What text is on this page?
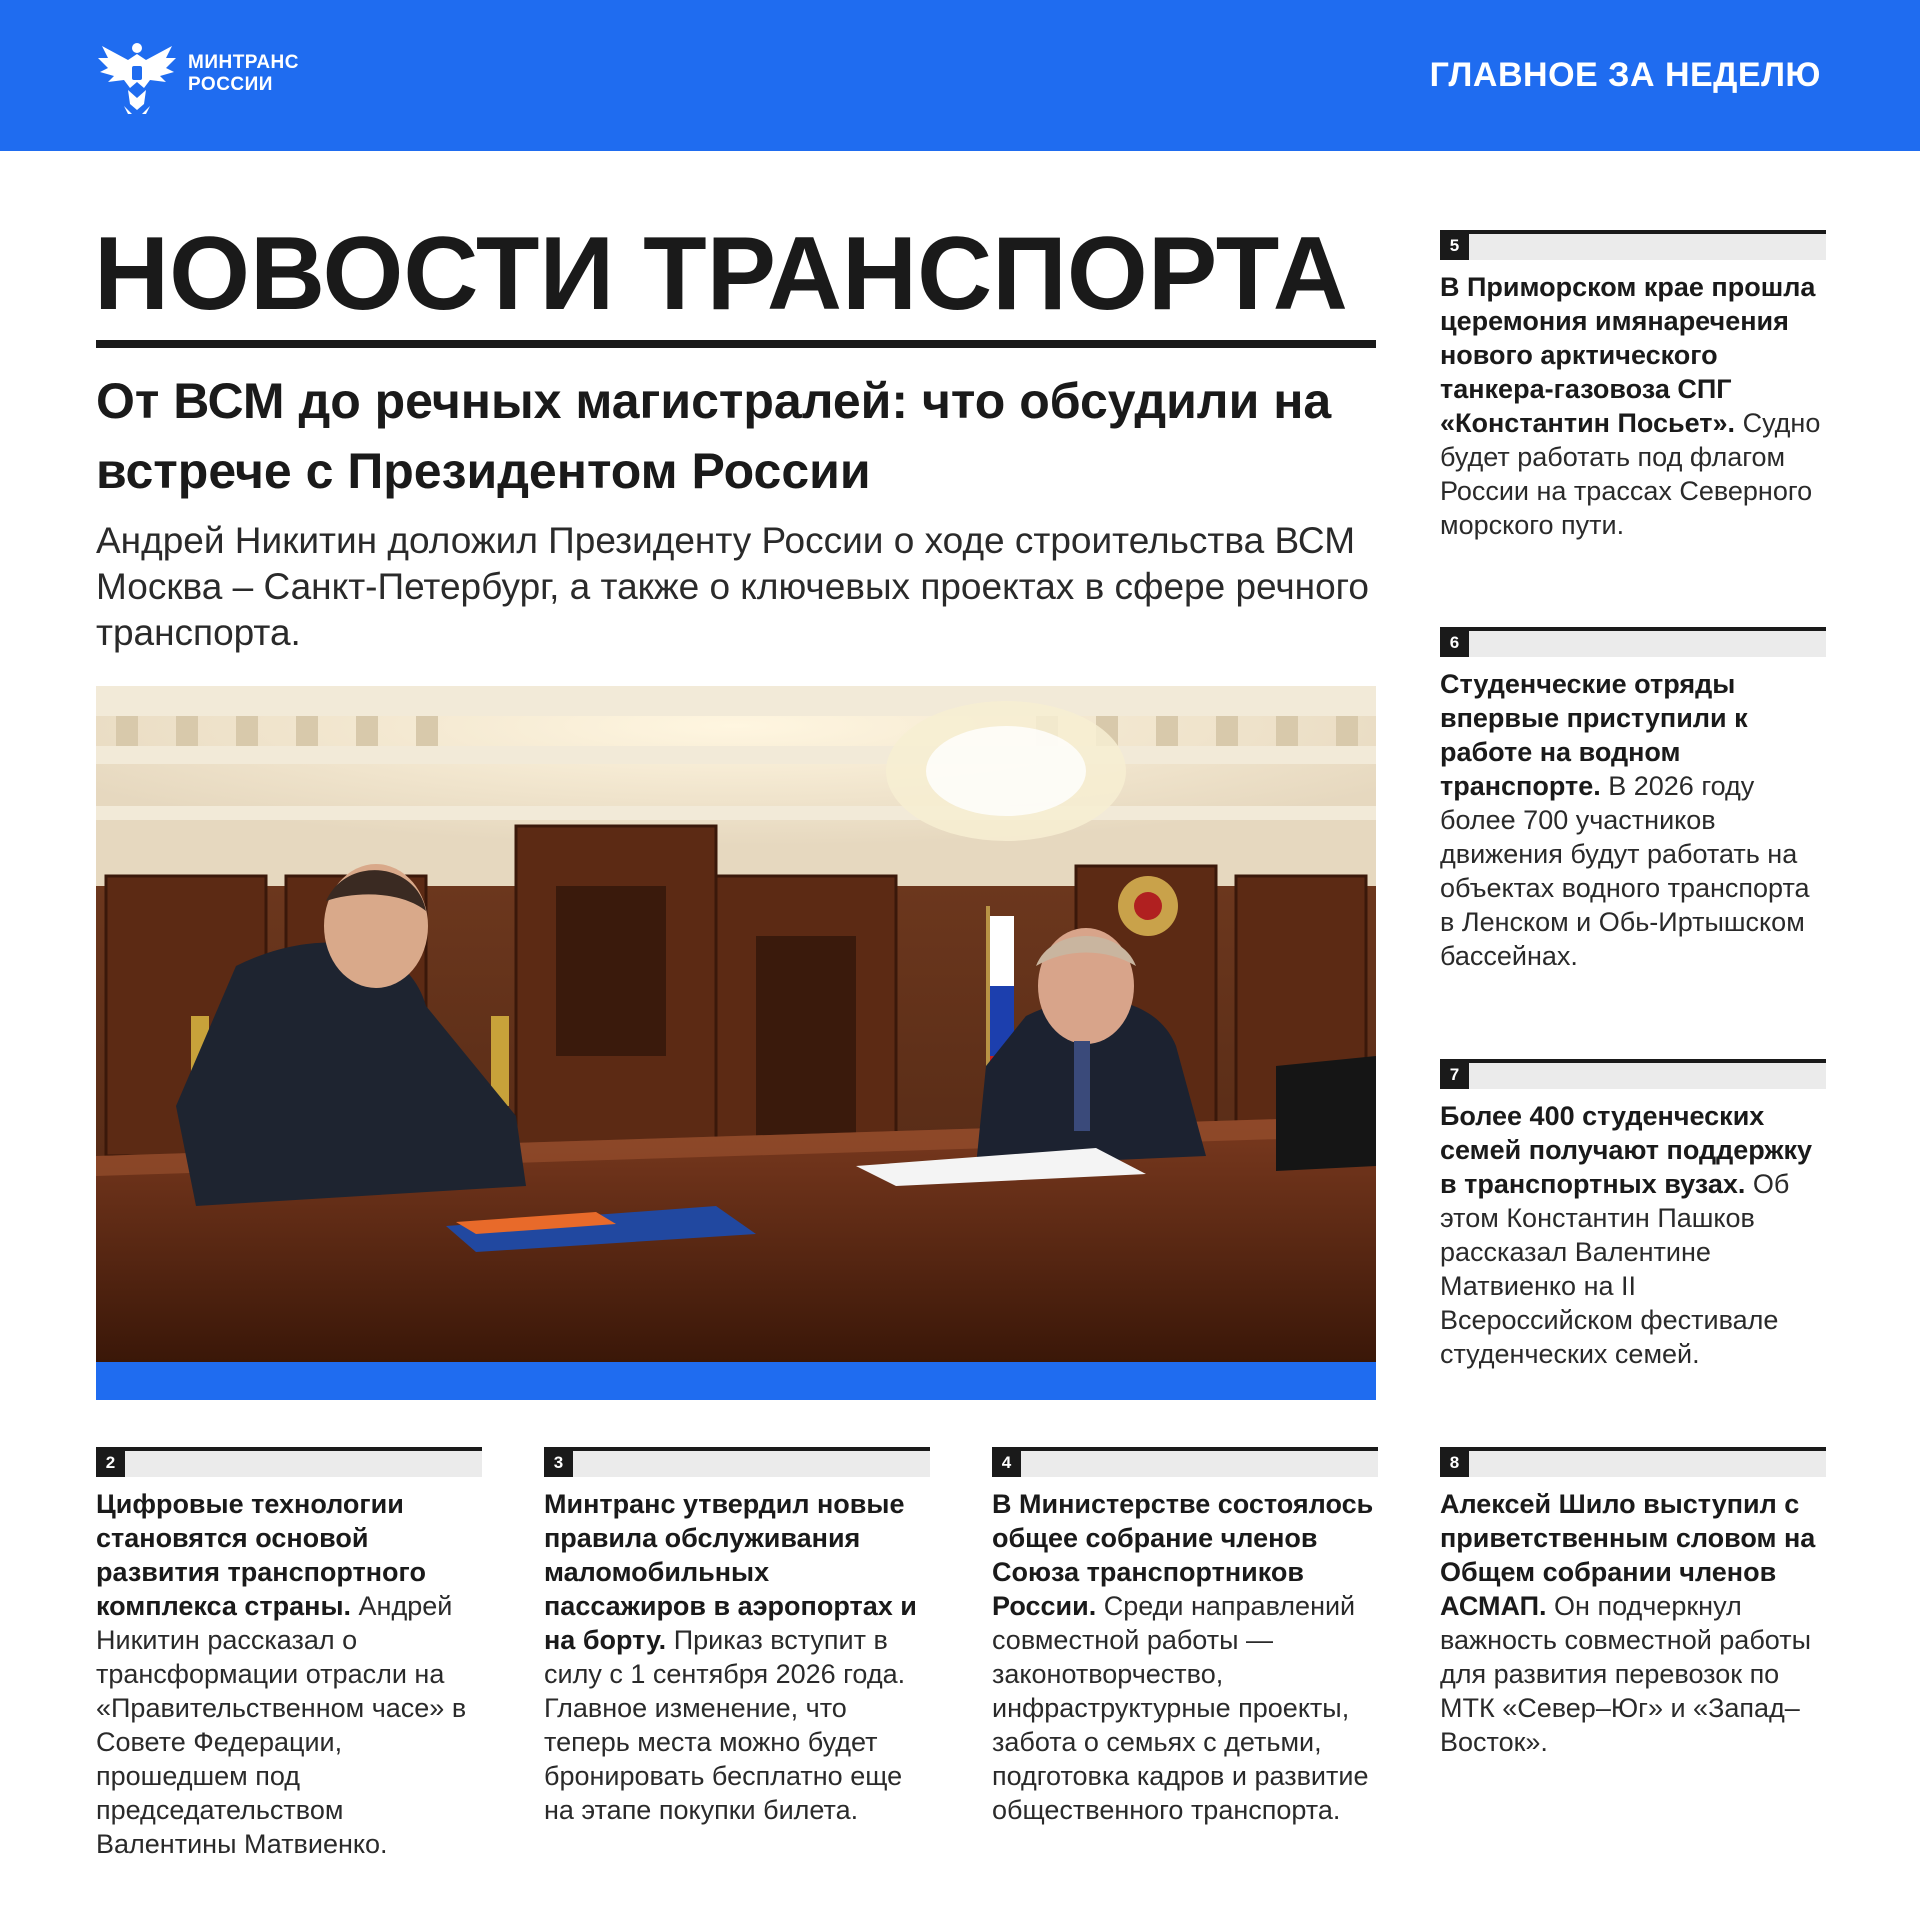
МИНТРАНС
РОССИИ	ГЛАВНОЕ ЗА НЕДЕЛЮ
НОВОСТИ ТРАНСПОРТА
От ВСМ до речных магистралей: что обсудили на встрече с Президентом России
Андрей Никитин доложил Президенту России о ходе строительства ВСМ Москва – Санкт-Петербург, а также о ключевых проектах в сфере речного транспорта.
2

Цифровые технологии становятся основой развития транспортного комплекса страны. Андрей Никитин рассказал о трансформации отрасли на «Правительственном часе» в Совете Федерации, прошедшем под председательством Валентины Матвиенко.

3

Минтранс утвердил новые правила обслуживания маломобильных пассажиров в аэропортах и на борту. Приказ вступит в силу с 1 сентября 2026 года. Главное изменение, что теперь места можно будет бронировать бесплатно еще на этапе покупки билета.

4

В Министерстве состоялось общее собрание членов Союза транспортников России. Среди направлений совместной работы — законотворчество, инфраструктурные проекты, забота о семьях с детьми, подготовка кадров и развитие общественного транспорта.

5

В Приморском крае прошла церемония имянаречения нового арктического танкера-газовоза СПГ «Константин Посьет». Судно будет работать под флагом России на трассах Северного морского пути.

6

Студенческие отряды впервые приступили к работе на водном транспорте. В 2026 году более 700 участников движения будут работать на объектах водного транспорта в Ленском и Обь-Иртышском бассейнах.

7

Более 400 студенческих семей получают поддержку в транспортных вузах. Об этом Константин Пашков рассказал Валентине Матвиенко на II Всероссийском фестивале студенческих семей.

8

Алексей Шило выступил с приветственным словом на Общем собрании членов АСМАП. Он подчеркнул важность совместной работы для развития перевозок по МТК «Север–Юг» и «Запад–Восток».
